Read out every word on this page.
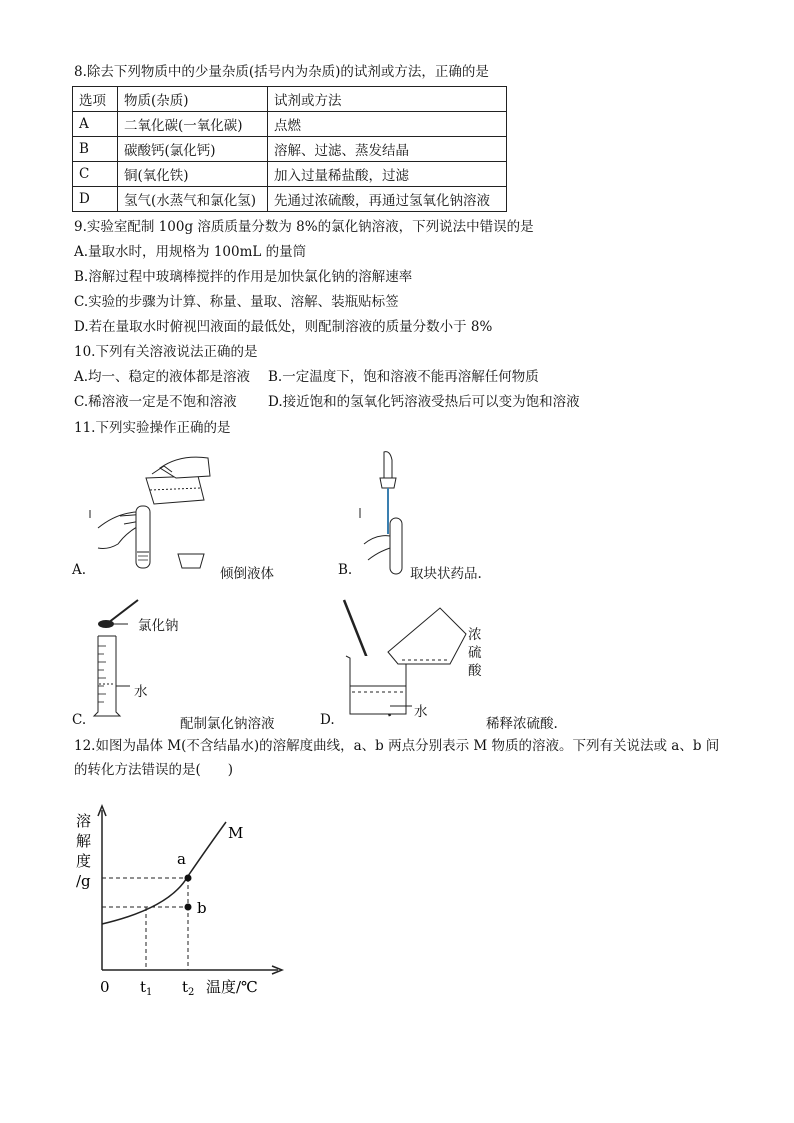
8.除去下列物质中的少量杂质(括号内为杂质)的试剂或方法，正确的是
选项	物质(杂质)	试剂或方法
A	二氧化碳(一氧化碳)	点燃
B	碳酸钙(氯化钙)	溶解、过滤、蒸发结晶
C	铜(氧化铁)	加入过量稀盐酸，过滤
D	氢气(水蒸气和氯化氢)	先通过浓硫酸，再通过氢氧化钠溶液
9.实验室配制 100g 溶质质量分数为 8%的氯化钠溶液，下列说法中错误的是
A.量取水时，用规格为 100mL 的量筒
B.溶解过程中玻璃棒搅拌的作用是加快氯化钠的溶解速率
C.实验的步骤为计算、称量、量取、溶解、装瓶贴标签
D.若在量取水时俯视凹液面的最低处，则配制溶液的质量分数小于 8%
10.下列有关溶液说法正确的是
A.均一、稳定的液体都是溶液 B.一定温度下，饱和溶液不能再溶解任何物质
C.稀溶液一定是不饱和溶液 D.接近饱和的氢氧化钙溶液受热后可以变为饱和溶液
11.下列实验操作正确的是
A.	倾倒液体	B.	取块状药品.
氯化钠
水
C.	配制氯化钠溶液
浓
硫
酸
水
D.	稀释浓硫酸.
12.如图为晶体 M(不含结晶水)的溶解度曲线，a、b 两点分别表示 M 物质的溶液。下列有关说法或 a、b 间
的转化方法错误的是(　　)
溶
解
度
/g
M
a
b
0 $t_1$ $t_2$ 温度/℃
